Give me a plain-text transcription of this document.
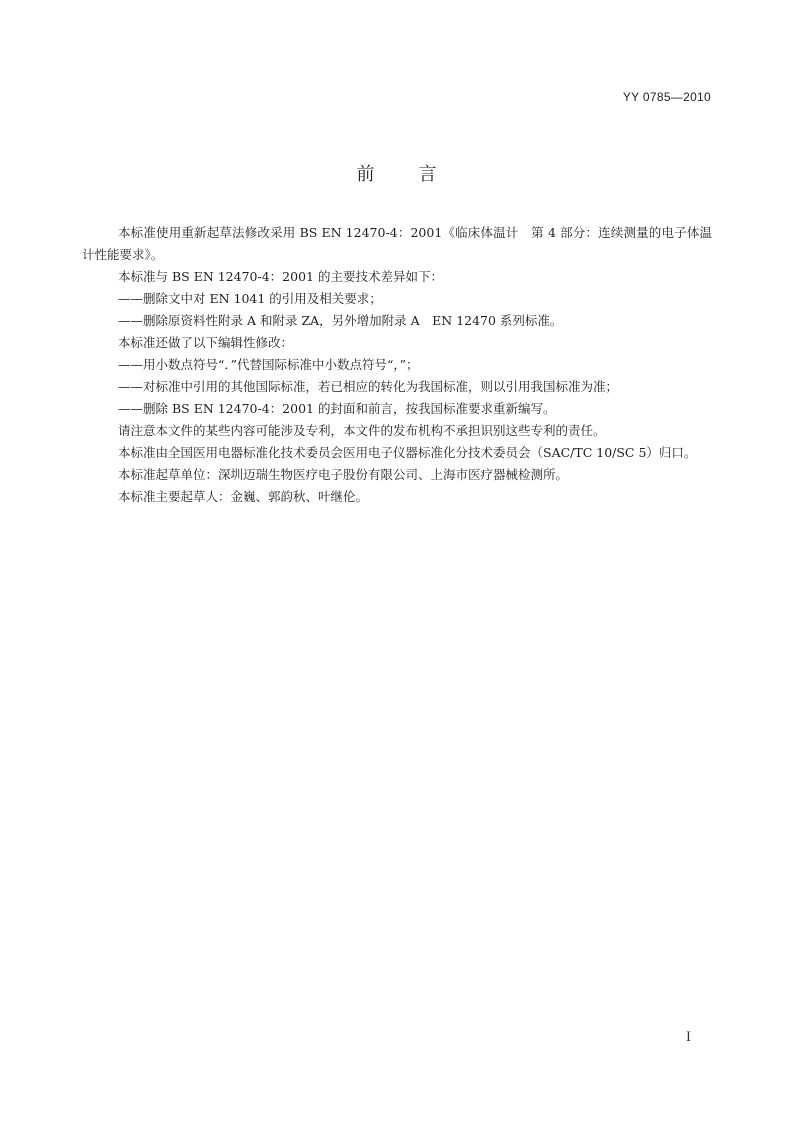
YY 0785—2010
前言

本标准使用重新起草法修改采用 BS EN 12470-4：2001《临床体温计　第 4 部分：连续测量的电子体温计性能要求》。

本标准与 BS EN 12470-4：2001 的主要技术差异如下：

——删除文中对 EN 1041 的引用及相关要求；

——删除原资料性附录 A 和附录 ZA，另外增加附录 A　EN 12470 系列标准。

本标准还做了以下编辑性修改：

——用小数点符号“．”代替国际标准中小数点符号“，”；

——对标准中引用的其他国际标准，若已相应的转化为我国标准，则以引用我国标准为准；

——删除 BS EN 12470-4：2001 的封面和前言，按我国标准要求重新编写。

请注意本文件的某些内容可能涉及专利，本文件的发布机构不承担识别这些专利的责任。

本标准由全国医用电器标准化技术委员会医用电子仪器标准化分技术委员会（SAC/TC 10/SC 5）归口。

本标准起草单位：深圳迈瑞生物医疗电子股份有限公司、上海市医疗器械检测所。

本标准主要起草人：金巍、郭韵秋、叶继伦。

I
